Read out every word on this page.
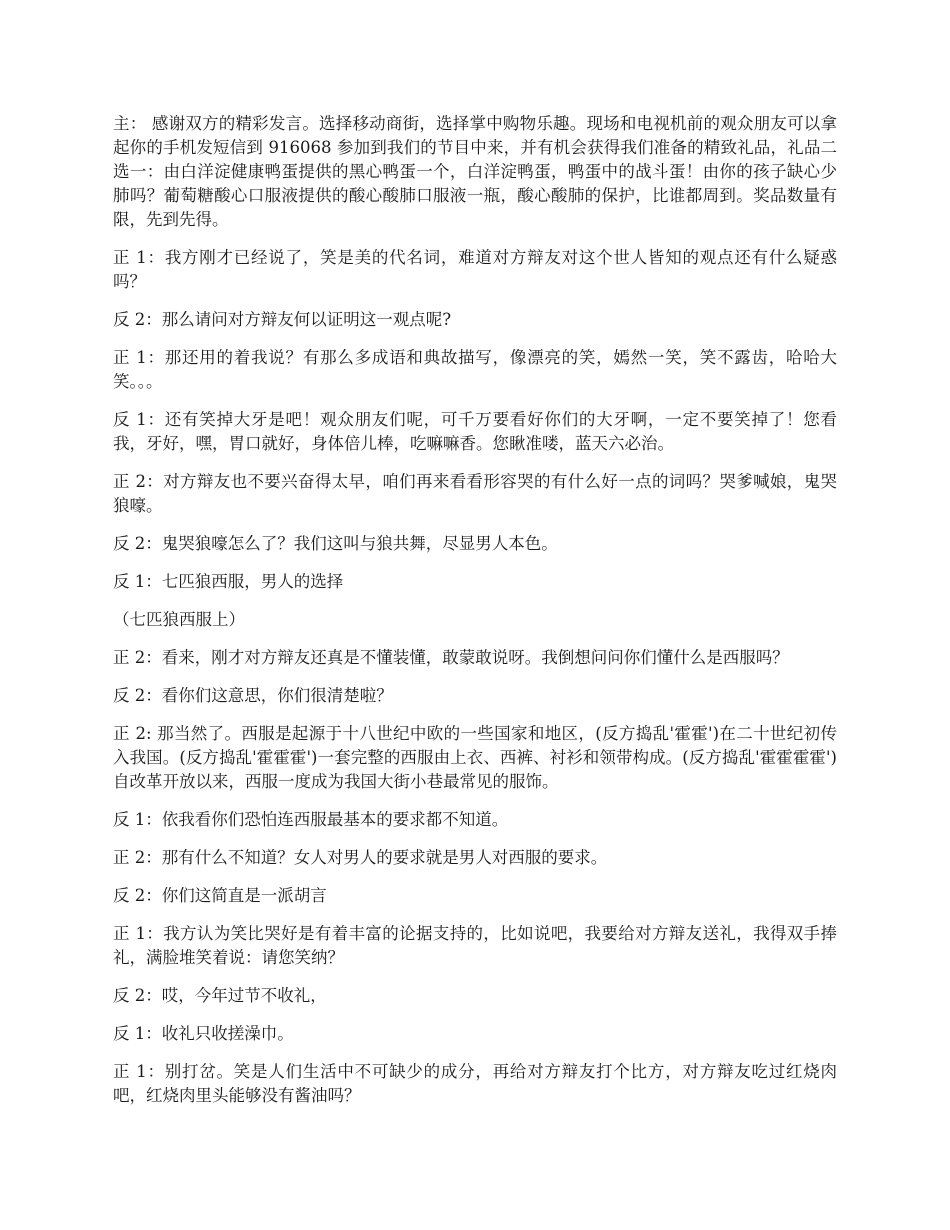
主： 感谢双方的精彩发言。选择移动商街，选择掌中购物乐趣。现场和电视机前的观众朋友可以拿起你的手机发短信到 916068 参加到我们的节目中来，并有机会获得我们准备的精致礼品，礼品二选一：由白洋淀健康鸭蛋提供的黑心鸭蛋一个，白洋淀鸭蛋，鸭蛋中的战斗蛋！由你的孩子缺心少肺吗？葡萄糖酸心口服液提供的酸心酸肺口服液一瓶，酸心酸肺的保护，比谁都周到。奖品数量有限，先到先得。

正 1：我方刚才已经说了，笑是美的代名词，难道对方辩友对这个世人皆知的观点还有什么疑惑吗？

反 2：那么请问对方辩友何以证明这一观点呢?

正 1：那还用的着我说？有那么多成语和典故描写，像漂亮的笑，嫣然一笑，笑不露齿，哈哈大笑。。。

反 1：还有笑掉大牙是吧！观众朋友们呢，可千万要看好你们的大牙啊，一定不要笑掉了！您看我，牙好，嘿，胃口就好，身体倍儿棒，吃嘛嘛香。您瞅准喽，蓝天六必治。

正 2：对方辩友也不要兴奋得太早，咱们再来看看形容哭的有什么好一点的词吗？哭爹喊娘，鬼哭狼嚎。

反 2：鬼哭狼嚎怎么了？我们这叫与狼共舞，尽显男人本色。

反 1：七匹狼西服，男人的选择

（七匹狼西服上）

正 2：看来，刚才对方辩友还真是不懂装懂，敢蒙敢说呀。我倒想问问你们懂什么是西服吗？

反 2：看你们这意思，你们很清楚啦？

正 2: 那当然了。西服是起源于十八世纪中欧的一些国家和地区，(反方捣乱'霍霍')在二十世纪初传入我国。(反方捣乱'霍霍霍')一套完整的西服由上衣、西裤、衬衫和领带构成。(反方捣乱'霍霍霍霍')自改革开放以来，西服一度成为我国大街小巷最常见的服饰。

反 1：依我看你们恐怕连西服最基本的要求都不知道。

正 2：那有什么不知道？女人对男人的要求就是男人对西服的要求。

反 2：你们这简直是一派胡言

正 1：我方认为笑比哭好是有着丰富的论据支持的，比如说吧，我要给对方辩友送礼，我得双手捧礼，满脸堆笑着说：请您笑纳？

反 2：哎，今年过节不收礼，

反 1：收礼只收搓澡巾。

正 1：别打岔。笑是人们生活中不可缺少的成分，再给对方辩友打个比方，对方辩友吃过红烧肉吧，红烧肉里头能够没有酱油吗？
